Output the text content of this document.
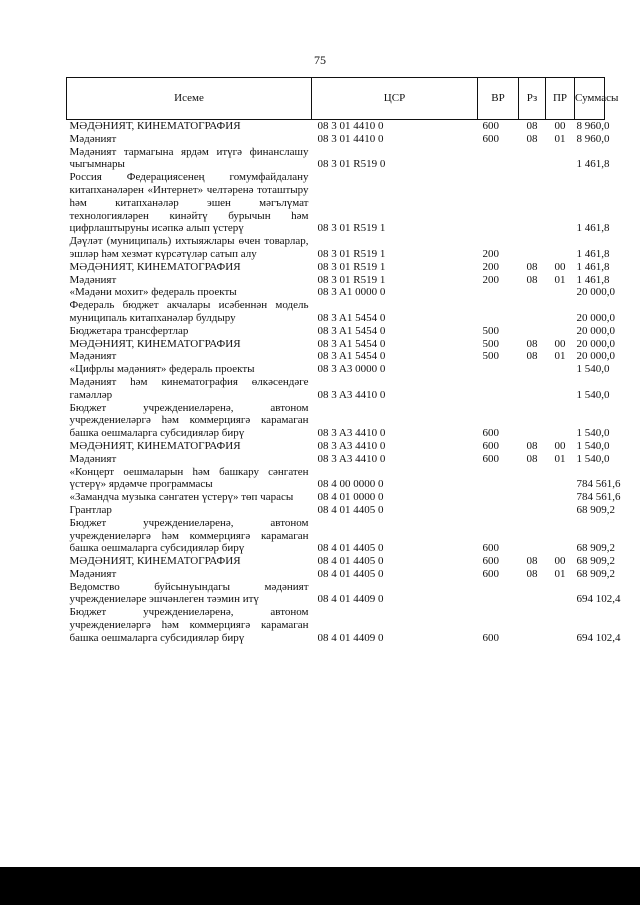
75
Исеме	ЦСР	ВР	Рз	ПР	Суммасы
МӘДӘНИЯТ, КИНЕМАТОГРАФИЯ	08 3 01 4410 0	600	08	00	8 960,0
Мәдәният	08 3 01 4410 0	600	08	01	8 960,0
Мәдәният тармагына ярдәм итүгә финанслашу чыгымнары	08 3 01 R519 0				1 461,8
Россия Федерациясенең гомумфайдалану китапханәләрен «Интернет» челтәренә тоташтыру һәм китапханәләр эшен мәгълүмат технологияләрен кинәйтү бурычын һәм цифрлаштыруны исәпкә алып үстерү	08 3 01 R519 1				1 461,8
Дәүләт (муниципаль) ихтыяжлары өчен товарлар, эшләр һәм хезмәт күрсәтүләр сатып алу	08 3 01 R519 1	200			1 461,8
МӘДӘНИЯТ, КИНЕМАТОГРАФИЯ	08 3 01 R519 1	200	08	00	1 461,8
Мәдәният	08 3 01 R519 1	200	08	01	1 461,8
«Мәдәни мохит» федераль проекты	08 3 A1 0000 0				20 000,0
Федераль бюджет акчалары исәбеннән модель муниципаль китапханәләр булдыру	08 3 A1 5454 0				20 000,0
Бюджетара трансфертлар	08 3 A1 5454 0	500			20 000,0
МӘДӘНИЯТ, КИНЕМАТОГРАФИЯ	08 3 A1 5454 0	500	08	00	20 000,0
Мәдәният	08 3 A1 5454 0	500	08	01	20 000,0
«Цифрлы мәдәният» федераль проекты	08 3 A3 0000 0				1 540,0
Мәдәният һәм кинематография өлкәсендәге гамәлләр	08 3 A3 4410 0				1 540,0
Бюджет учреждениеләренә, автоном учреждениеләргә һәм коммерциягә карамаган башка оешмаларга субсидияләр бирү	08 3 A3 4410 0	600			1 540,0
МӘДӘНИЯТ, КИНЕМАТОГРАФИЯ	08 3 A3 4410 0	600	08	00	1 540,0
Мәдәният	08 3 A3 4410 0	600	08	01	1 540,0
«Концерт оешмаларын һәм башкару сәнгатен үстерү» ярдәмче программасы	08 4 00 0000 0				784 561,6
«Замандча музыка сәнгатен үстерү» төп чарасы	08 4 01 0000 0				784 561,6
Грантлар	08 4 01 4405 0				68 909,2
Бюджет учреждениеләренә, автоном учреждениеләргә һәм коммерциягә карамаган башка оешмаларга субсидияләр бирү	08 4 01 4405 0	600			68 909,2
МӘДӘНИЯТ, КИНЕМАТОГРАФИЯ	08 4 01 4405 0	600	08	00	68 909,2
Мәдәният	08 4 01 4405 0	600	08	01	68 909,2
Ведомство буйсынуындагы мәдәният учреждениеләре эшчәнлеген тәэмин итү	08 4 01 4409 0				694 102,4
Бюджет учреждениеләренә, автоном учреждениеләргә һәм коммерциягә карамаган башка оешмаларга субсидияләр бирү	08 4 01 4409 0	600			694 102,4
